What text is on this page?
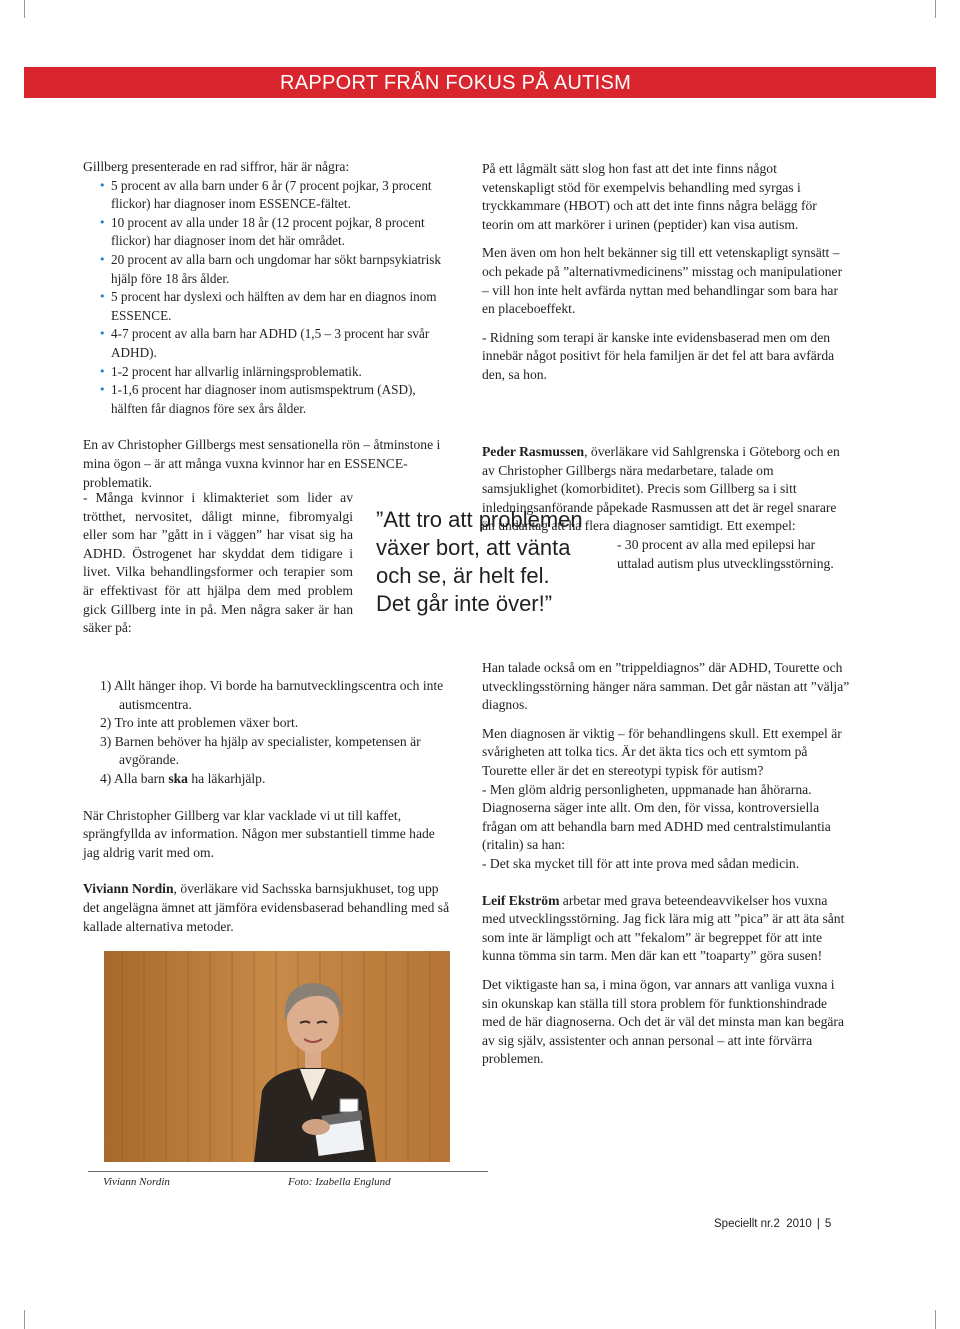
RAPPORT FRÅN FOKUS PÅ AUTISM

Gillberg presenterade en rad siffror, här är några:

• 5 procent av alla barn under 6 år (7 procent pojkar, 3 procent flickor) har diagnoser inom ESSENCE-fältet.
• 10 procent av alla under 18 år (12 procent pojkar, 8 procent flickor) har diagnoser inom det här området.
• 20 procent av alla barn och ungdomar har sökt barnpsykiatrisk hjälp före 18 års ålder.
• 5 procent har dyslexi och hälften av dem har en diagnos inom ESSENCE.
• 4-7 procent av alla barn har ADHD (1,5 – 3 procent har svår ADHD).
• 1-2 procent har allvarlig inlärningsproblematik.
• 1-1,6 procent har diagnoser inom autismspektrum (ASD), hälften får diagnos före sex års ålder.

En av Christopher Gillbergs mest sensationella rön – åtminstone i mina ögon – är att många vuxna kvinnor har en ESSENCE-problematik.

- Många kvinnor i klimakteriet som lider av trötthet, nervositet, dåligt minne, fibromyalgi eller som har ”gått in i väggen” har visat sig ha ADHD. Östrogenet har skyddat dem tidigare i livet. Vilka behandlingsformer och terapier som är effektivast för att hjälpa dem med problem gick Gillberg inte in på. Men några saker är han säker på:

1) Allt hänger ihop. Vi borde ha barnutvecklingscentra och inte autismcentra.
2) Tro inte att problemen växer bort.
3) Barnen behöver ha hjälp av specialister, kompetensen är avgörande.
4) Alla barn ska ha läkarhjälp.

När Christopher Gillberg var klar vacklade vi ut till kaffet, sprängfyllda av information. Någon mer substantiell timme hade jag aldrig varit med om.

Viviann Nordin, överläkare vid Sachsska barnsjukhuset, tog upp det angelägna ämnet att jämföra evidensbaserad behandling med så kallade alternativa metoder.

”Att tro att problemen
växer bort, att vänta
och se, är helt fel.
Det går inte över!”

På ett lågmält sätt slog hon fast att det inte finns något vetenskapligt stöd för exempelvis behandling med syrgas i tryckkammare (HBOT) och att det inte finns några belägg för teorin om att markörer i urinen (peptider) kan visa autism.

Men även om hon helt bekänner sig till ett vetenskapligt synsätt – och pekade på ”alternativmedicinens” misstag och manipulationer – vill hon inte helt avfärda nyttan med behandlingar som bara har en placeboeffekt.

- Ridning som terapi är kanske inte evidensbaserad men om den innebär något positivt för hela familjen är det fel att bara avfärda den, sa hon.

Peder Rasmussen, överläkare vid Sahlgrenska i Göteborg och en av Christopher Gillbergs nära medarbetare, talade om samsjuklighet (komorbiditet). Precis som Gillberg sa i sitt inledningsanförande påpekade Rasmussen att det är regel snarare än undantag att ha flera diagnoser samtidigt. Ett exempel:

- 30 procent av alla med epilepsi har uttalad autism plus utvecklingsstörning.

Han talade också om en ”trippeldiagnos” där ADHD, Tourette och utvecklingsstörning hänger nära samman. Det går nästan att ”välja” diagnos.

Men diagnosen är viktig – för behandlingens skull. Ett exempel är svårigheten att tolka tics. Är det äkta tics och ett symtom på Tourette eller är det en stereotypi typisk för autism?

- Men glöm aldrig personligheten, uppmanade han åhörarna. Diagnoserna säger inte allt. Om den, för vissa, kontroversiella frågan om att behandla barn med ADHD med centralstimulantia (ritalin) sa han:

- Det ska mycket till för att inte prova med sådan medicin.

Leif Ekström arbetar med grava beteendeavvikelser hos vuxna med utvecklingsstörning. Jag fick lära mig att ”pica” är att äta sånt som inte är lämpligt och att ”fekalom” är begreppet för att inte kunna tömma sin tarm. Men där kan ett ”toaparty” göra susen!

Det viktigaste han sa, i mina ögon, var annars att vanliga vuxna i sin okunskap kan ställa till stora problem för funktionshindrade med de här diagnoserna. Och det är väl det minsta man kan begära av sig själv, assistenter och annan personal – att inte förvärra problemen.

Viviann Nordin	Foto: Izabella Englund
Speciellt nr.2 2010 | 5
